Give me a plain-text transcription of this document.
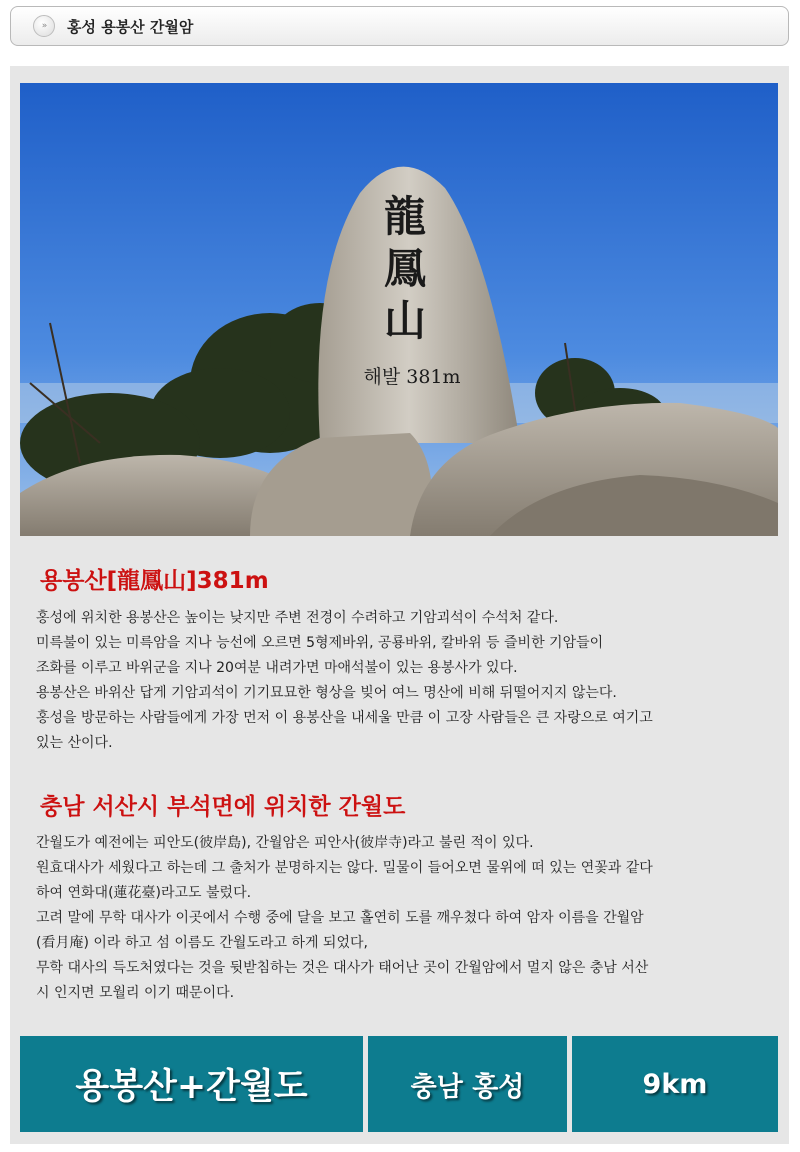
»	홍성 용봉산 간월암
龍
鳳
山
해발 381m
용봉산[龍鳳山]381m

홍성에 위치한 용봉산은 높이는 낮지만 주변 전경이 수려하고 기암괴석이 수석처 같다.

미륵불이 있는 미륵암을 지나 능선에 오르면 5형제바위, 공룡바위, 칼바위 등 즐비한 기암들이

조화를 이루고 바위군을 지나 20여분 내려가면 마애석불이 있는 용봉사가 있다.

용봉산은 바위산 답게 기암괴석이 기기묘묘한 형상을 빚어 여느 명산에 비해 뒤떨어지지 않는다.

홍성을 방문하는 사람들에게 가장 먼저 이 용봉산을 내세울 만큼 이 고장 사람들은 큰 자랑으로 여기고

있는 산이다.

충남 서산시 부석면에 위치한 간월도

간월도가 예전에는 피안도(彼岸島), 간월암은 피안사(彼岸寺)라고 불린 적이 있다.

원효대사가 세웠다고 하는데 그 출처가 분명하지는 않다. 밀물이 들어오면 물위에 떠 있는 연꽃과 같다

하여 연화대(蓮花臺)라고도 불렀다.

고려 말에 무학 대사가 이곳에서 수행 중에 달을 보고 홀연히 도를 깨우쳤다 하여 암자 이름을 간월암

(看月庵) 이라 하고 섬 이름도 간월도라고 하게 되었다,

무학 대사의 득도처였다는 것을 뒷받침하는 것은 대사가 태어난 곳이 간월암에서 멀지 않은 충남 서산

시 인지면 모월리 이기 때문이다.

용봉산+간월도	충남 홍성	9km
